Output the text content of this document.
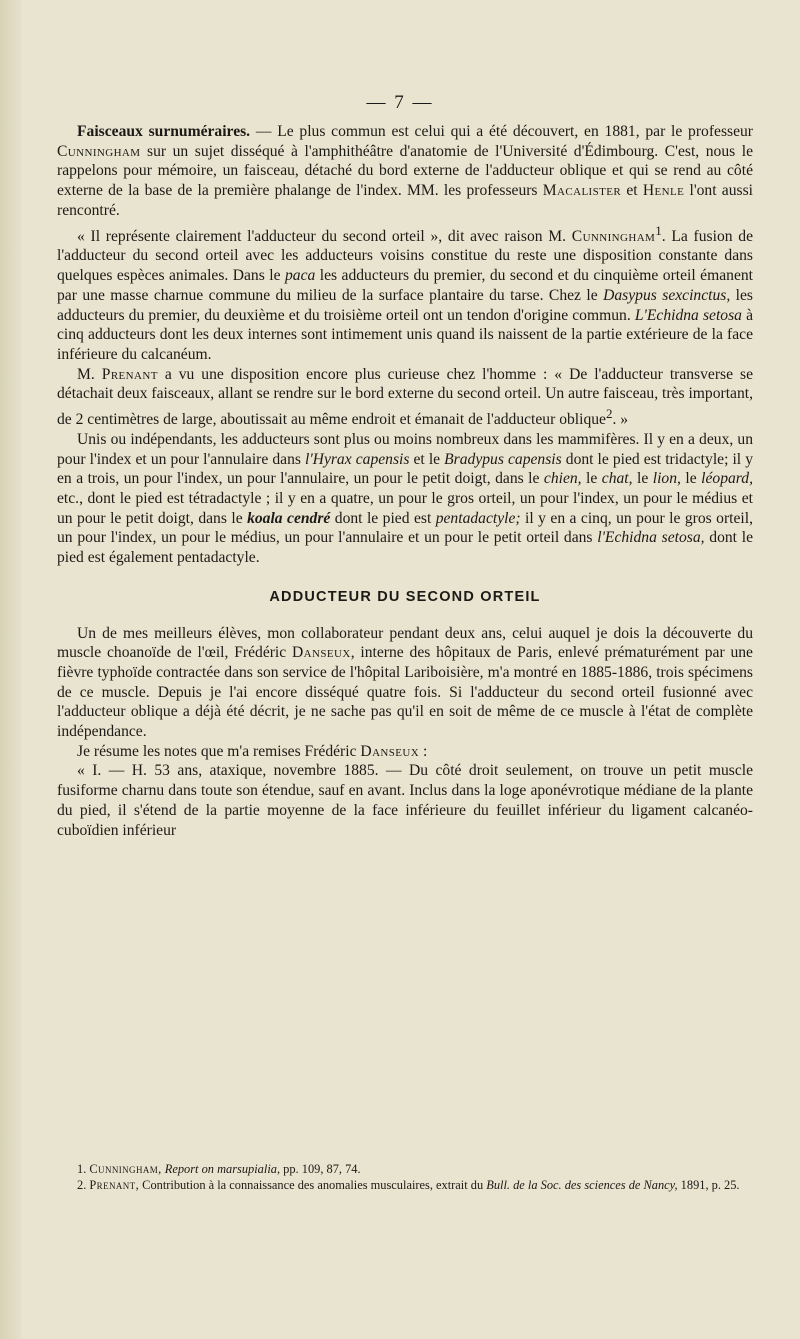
— 7 —

Faisceaux surnuméraires. — Le plus commun est celui qui a été découvert, en 1881, par le professeur Cunningham sur un sujet disséqué à l'amphithéâtre d'anatomie de l'Université d'Édimbourg. C'est, nous le rappelons pour mémoire, un faisceau, détaché du bord externe de l'adducteur oblique et qui se rend au côté externe de la base de la première phalange de l'index. MM. les professeurs Macalister et Henle l'ont aussi rencontré.

« Il représente clairement l'adducteur du second orteil », dit avec raison M. Cunningham$^1$. La fusion de l'adducteur du second orteil avec les adducteurs voisins constitue du reste une disposition constante dans quelques espèces animales. Dans le paca les adducteurs du premier, du second et du cinquième orteil émanent par une masse charnue commune du milieu de la surface plantaire du tarse. Chez le Dasypus sexcinctus, les adducteurs du premier, du deuxième et du troisième orteil ont un tendon d'origine commun. L'Echidna setosa à cinq adducteurs dont les deux internes sont intimement unis quand ils naissent de la partie extérieure de la face inférieure du calcanéum.

M. Prenant a vu une disposition encore plus curieuse chez l'homme : « De l'adducteur transverse se détachait deux faisceaux, allant se rendre sur le bord externe du second orteil. Un autre faisceau, très important, de 2 centimètres de large, aboutissait au même endroit et émanait de l'adducteur oblique$^2$. »

Unis ou indépendants, les adducteurs sont plus ou moins nombreux dans les mammifères. Il y en a deux, un pour l'index et un pour l'annulaire dans l'Hyrax capensis et le Bradypus capensis dont le pied est tridactyle; il y en a trois, un pour l'index, un pour l'annulaire, un pour le petit doigt, dans le chien, le chat, le lion, le léopard, etc., dont le pied est tétradactyle ; il y en a quatre, un pour le gros orteil, un pour l'index, un pour le médius et un pour le petit doigt, dans le koala cendré dont le pied est pentadactyle; il y en a cinq, un pour le gros orteil, un pour l'index, un pour le médius, un pour l'annulaire et un pour le petit orteil dans l'Echidna setosa, dont le pied est également pentadactyle.

ADDUCTEUR DU SECOND ORTEIL

Un de mes meilleurs élèves, mon collaborateur pendant deux ans, celui auquel je dois la découverte du muscle choanoïde de l'œil, Frédéric Danseux, interne des hôpitaux de Paris, enlevé prématurément par une fièvre typhoïde contractée dans son service de l'hôpital Lariboisière, m'a montré en 1885-1886, trois spécimens de ce muscle. Depuis je l'ai encore disséqué quatre fois. Si l'adducteur du second orteil fusionné avec l'adducteur oblique a déjà été décrit, je ne sache pas qu'il en soit de même de ce muscle à l'état de complète indépendance.

Je résume les notes que m'a remises Frédéric Danseux :

« I. — H. 53 ans, ataxique, novembre 1885. — Du côté droit seulement, on trouve un petit muscle fusiforme charnu dans toute son étendue, sauf en avant. Inclus dans la loge aponévrotique médiane de la plante du pied, il s'étend de la partie moyenne de la face inférieure du feuillet inférieur du ligament calcanéo-cuboïdien inférieur

1. Cunningham, Report on marsupialia, pp. 109, 87, 74.

2. Prenant, Contribution à la connaissance des anomalies musculaires, extrait du Bull. de la Soc. des sciences de Nancy, 1891, p. 25.
